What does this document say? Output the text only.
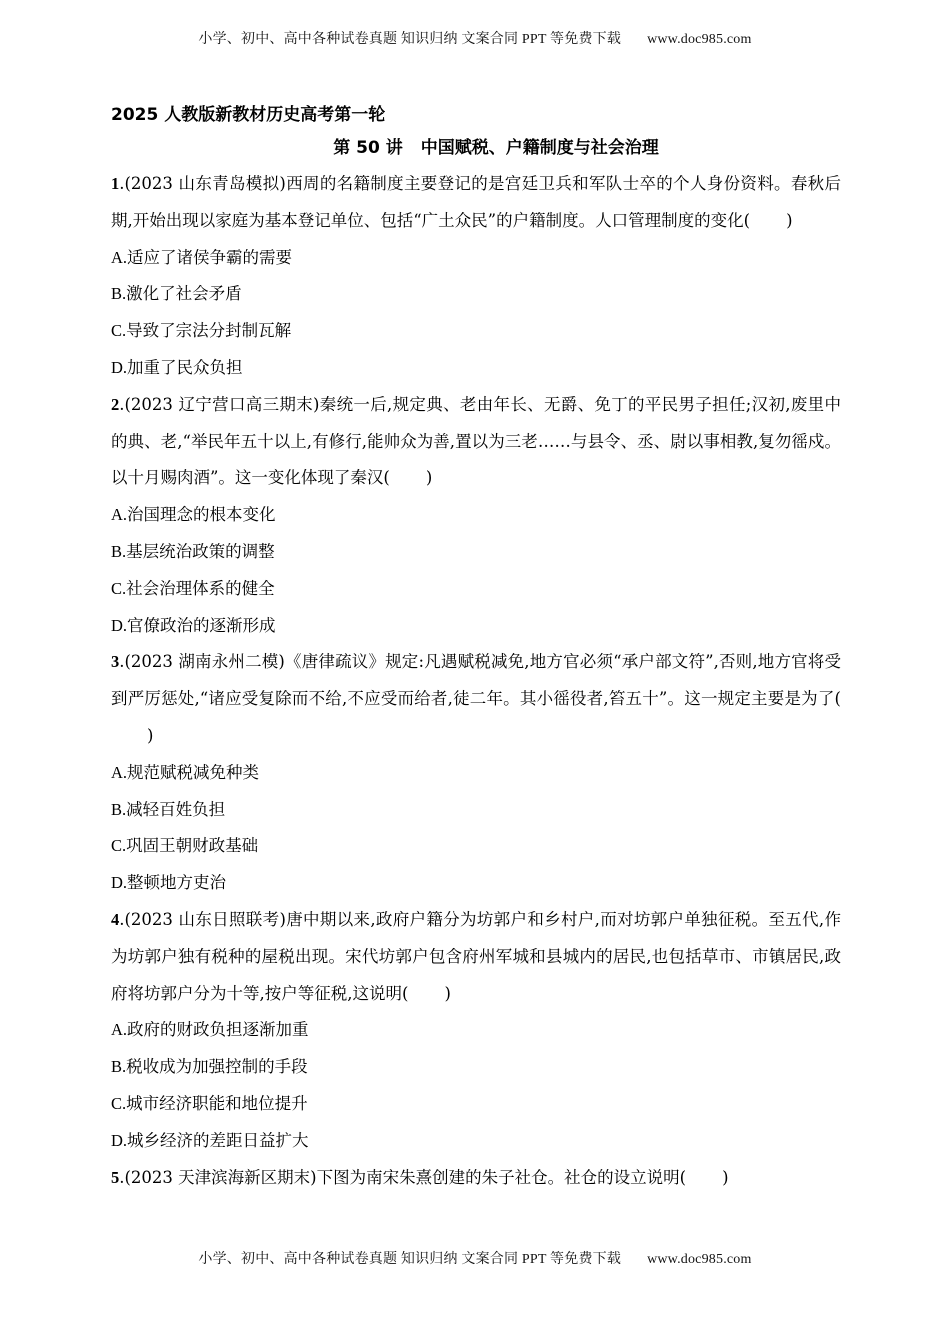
小学、初中、高中各种试卷真题 知识归纳 文案合同 PPT 等免费下载 www.doc985.com

2025 人教版新教材历史高考第一轮

第 50 讲 中国赋税、户籍制度与社会治理

1.(2023 山东青岛模拟)西周的名籍制度主要登记的是宫廷卫兵和军队士卒的个人身份资料。春秋后期,开始出现以家庭为基本登记单位、包括“广土众民”的户籍制度。人口管理制度的变化( )

A.适应了诸侯争霸的需要

B.激化了社会矛盾

C.导致了宗法分封制瓦解

D.加重了民众负担

2.(2023 辽宁营口高三期末)秦统一后,规定典、老由年长、无爵、免丁的平民男子担任;汉初,废里中的典、老,“举民年五十以上,有修行,能帅众为善,置以为三老……与县令、丞、尉以事相教,复勿徭戍。以十月赐肉酒”。这一变化体现了秦汉( )

A.治国理念的根本变化

B.基层统治政策的调整

C.社会治理体系的健全

D.官僚政治的逐渐形成

3.(2023 湖南永州二模)《唐律疏议》规定:凡遇赋税减免,地方官必须“承户部文符”,否则,地方官将受到严厉惩处,“诸应受复除而不给,不应受而给者,徒二年。其小徭役者,笞五十”。这一规定主要是为了()

A.规范赋税减免种类

B.减轻百姓负担

C.巩固王朝财政基础

D.整顿地方吏治

4.(2023 山东日照联考)唐中期以来,政府户籍分为坊郭户和乡村户,而对坊郭户单独征税。至五代,作为坊郭户独有税种的屋税出现。宋代坊郭户包含府州军城和县城内的居民,也包括草市、市镇居民,政府将坊郭户分为十等,按户等征税,这说明( )

A.政府的财政负担逐渐加重

B.税收成为加强控制的手段

C.城市经济职能和地位提升

D.城乡经济的差距日益扩大

5.(2023 天津滨海新区期末)下图为南宋朱熹创建的朱子社仓。社仓的设立说明( )

小学、初中、高中各种试卷真题 知识归纳 文案合同 PPT 等免费下载 www.doc985.com
